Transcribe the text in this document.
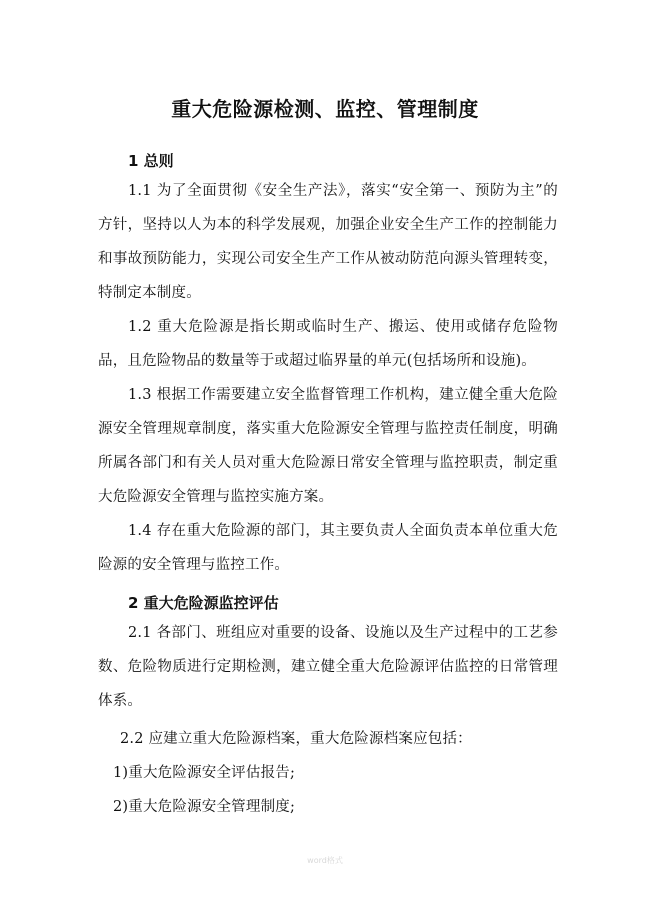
重大危险源检测、监控、管理制度
1 总则
1.1 为了全面贯彻《安全生产法》，落实“安全第一、预防为主”的方针，坚持以人为本的科学发展观，加强企业安全生产工作的控制能力和事故预防能力，实现公司安全生产工作从被动防范向源头管理转变，特制定本制度。
1.2 重大危险源是指长期或临时生产、搬运、使用或储存危险物品，且危险物品的数量等于或超过临界量的单元(包括场所和设施)。
1.3 根据工作需要建立安全监督管理工作机构，建立健全重大危险源安全管理规章制度，落实重大危险源安全管理与监控责任制度，明确所属各部门和有关人员对重大危险源日常安全管理与监控职责，制定重大危险源安全管理与监控实施方案。
1.4 存在重大危险源的部门，其主要负责人全面负责本单位重大危险源的安全管理与监控工作。
2 重大危险源监控评估
2.1 各部门、班组应对重要的设备、设施以及生产过程中的工艺参数、危险物质进行定期检测，建立健全重大危险源评估监控的日常管理体系。
2.2 应建立重大危险源档案，重大危险源档案应包括：
1)重大危险源安全评估报告;
2)重大危险源安全管理制度;
word格式
